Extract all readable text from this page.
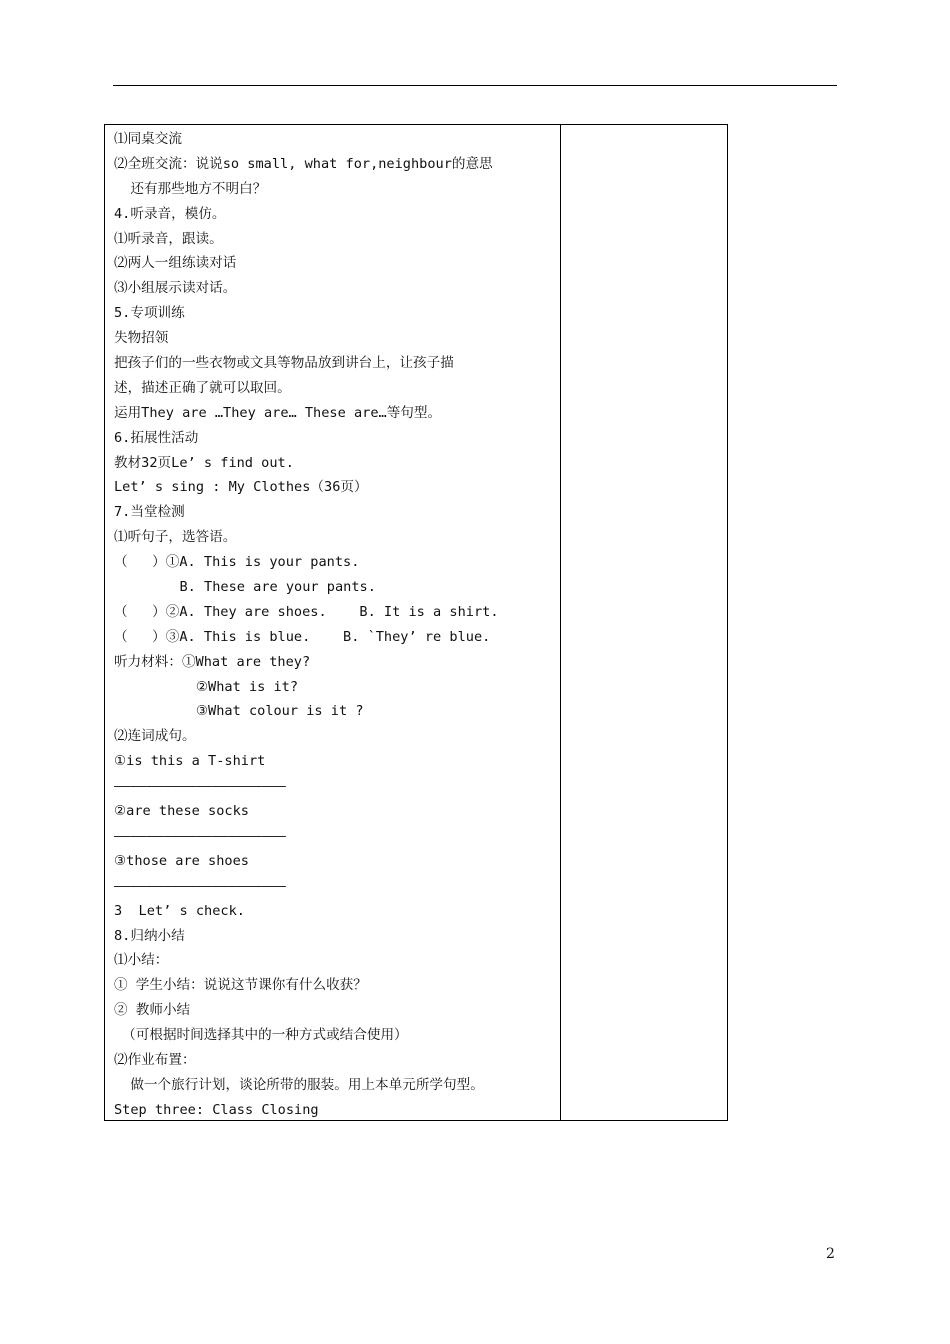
⑴同桌交流
⑵全班交流：说说so small, what for,neighbour的意思
还有那些地方不明白？
4.听录音，模仿。
⑴听录音，跟读。
⑵两人一组练读对话
⑶小组展示读对话。
5.专项训练
失物招领
把孩子们的一些衣物或文具等物品放到讲台上，让孩子描
述，描述正确了就可以取回。
运用They are …They are… These are…等句型。
6.拓展性活动
教材32页Le’ s find out.
Let’ s sing : My Clothes（36页）
7.当堂检测
⑴听句子，选答语。
（   ）①A. This is your pants.
B. These are your pants.
（   ）②A. They are shoes.    B. It is a shirt.
（   ）③A. This is blue.    B. `They’ re blue.
听力材料：①What are they?
②What is it?
③What colour is it ?
⑵连词成句。
①is this a T-shirt
—————————————————————
②are these socks
—————————————————————
③those are shoes
—————————————————————
3  Let’ s check.
8.归纳小结
⑴小结：
① 学生小结：说说这节课你有什么收获？
② 教师小结
（可根据时间选择其中的一种方式或结合使用）
⑵作业布置：
做一个旅行计划，谈论所带的服装。用上本单元所学句型。
Step three: Class Closing
2
